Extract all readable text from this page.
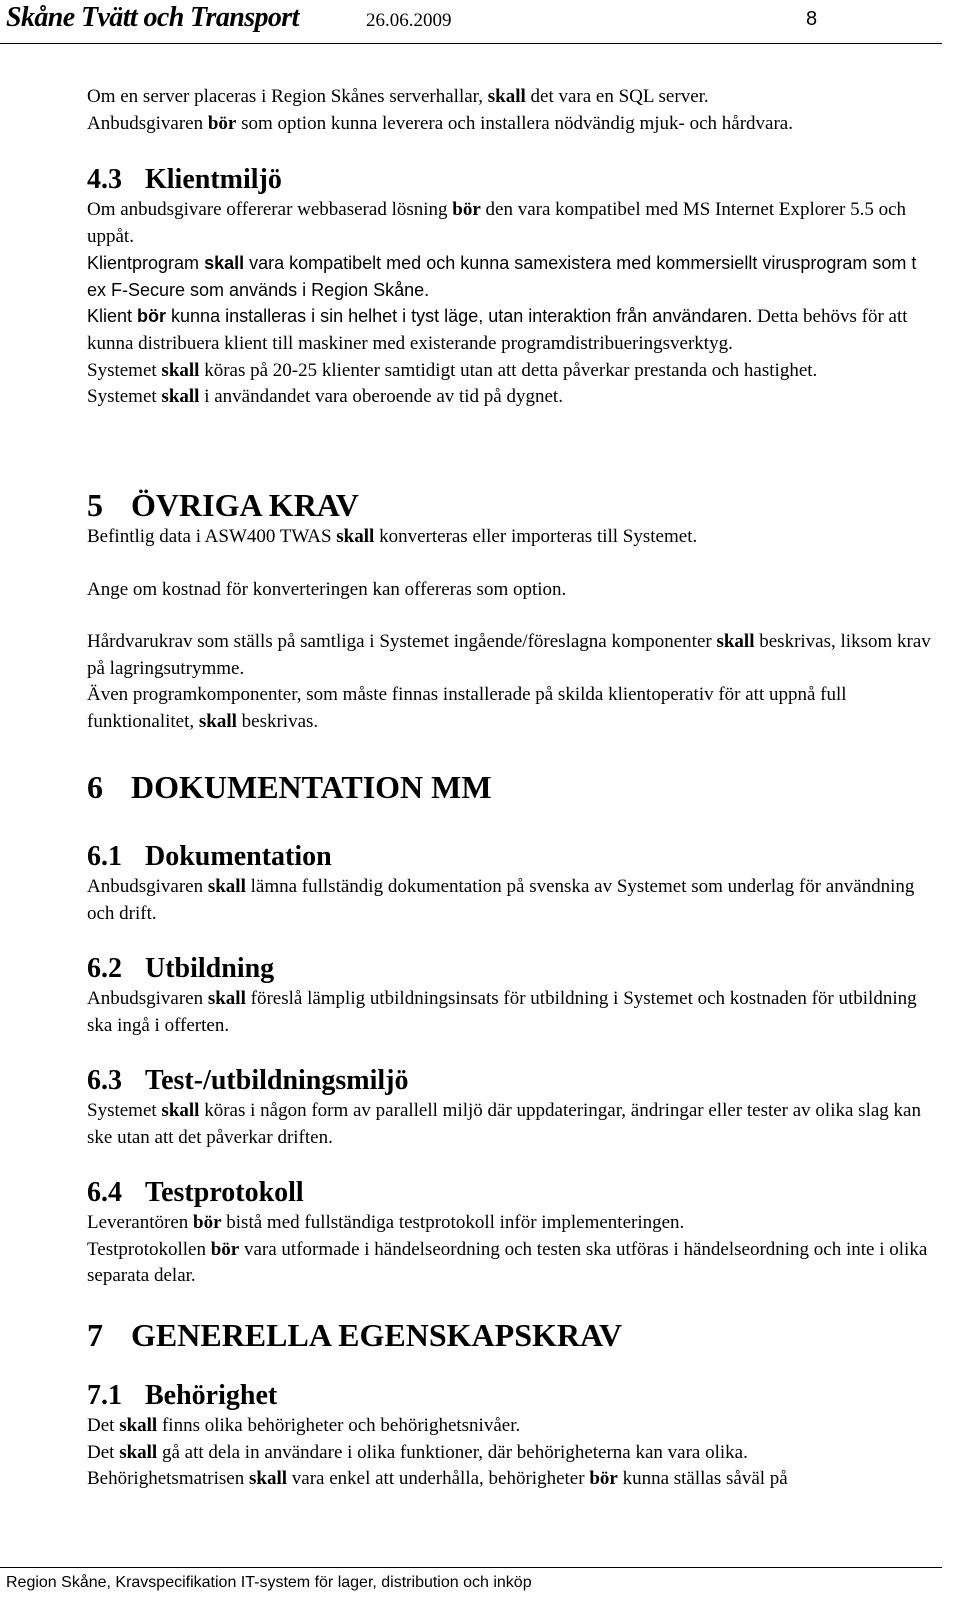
Skåne Tvätt och Transport	26.06.2009	8

Om en server placeras i Region Skånes serverhallar, skall det vara en SQL server.
Anbudsgivaren bör som option kunna leverera och installera nödvändig mjuk- och hårdvara.

4.3 Klientmiljö

Om anbudsgivare offererar webbaserad lösning bör den vara kompatibel med MS Internet Explorer 5.5 och uppåt.

Klientprogram skall vara kompatibelt med och kunna samexistera med kommersiellt virusprogram som t ex F-Secure som används i Region Skåne.

Klient bör kunna installeras i sin helhet i tyst läge, utan interaktion från användaren. Detta behövs för att kunna distribuera klient till maskiner med existerande programdistribueringsverktyg.

Systemet skall köras på 20-25 klienter samtidigt utan att detta påverkar prestanda och hastighet.

Systemet skall i användandet vara oberoende av tid på dygnet.

5 ÖVRIGA KRAV

Befintlig data i ASW400 TWAS skall konverteras eller importeras till Systemet.

Ange om kostnad för konverteringen kan offereras som option.

Hårdvarukrav som ställs på samtliga i Systemet ingående/föreslagna komponenter skall beskrivas, liksom krav på lagringsutrymme.

Även programkomponenter, som måste finnas installerade på skilda klientoperativ för att uppnå full funktionalitet, skall beskrivas.

6 DOKUMENTATION MM
6.1 Dokumentation

Anbudsgivaren skall lämna fullständig dokumentation på svenska av Systemet som underlag för användning och drift.

6.2 Utbildning

Anbudsgivaren skall föreslå lämplig utbildningsinsats för utbildning i Systemet och kostnaden för utbildning ska ingå i offerten.

6.3 Test-/utbildningsmiljö

Systemet skall köras i någon form av parallell miljö där uppdateringar, ändringar eller tester av olika slag kan ske utan att det påverkar driften.

6.4 Testprotokoll

Leverantören bör bistå med fullständiga testprotokoll inför implementeringen.

Testprotokollen bör vara utformade i händelseordning och testen ska utföras i händelseordning och inte i olika separata delar.

7 GENERELLA EGENSKAPSKRAV
7.1 Behörighet

Det skall finns olika behörigheter och behörighetsnivåer.

Det skall gå att dela in användare i olika funktioner, där behörigheterna kan vara olika.

Behörighetsmatrisen skall vara enkel att underhålla, behörigheter bör kunna ställas såväl på

Region Skåne, Kravspecifikation IT-system för lager, distribution och inköp
